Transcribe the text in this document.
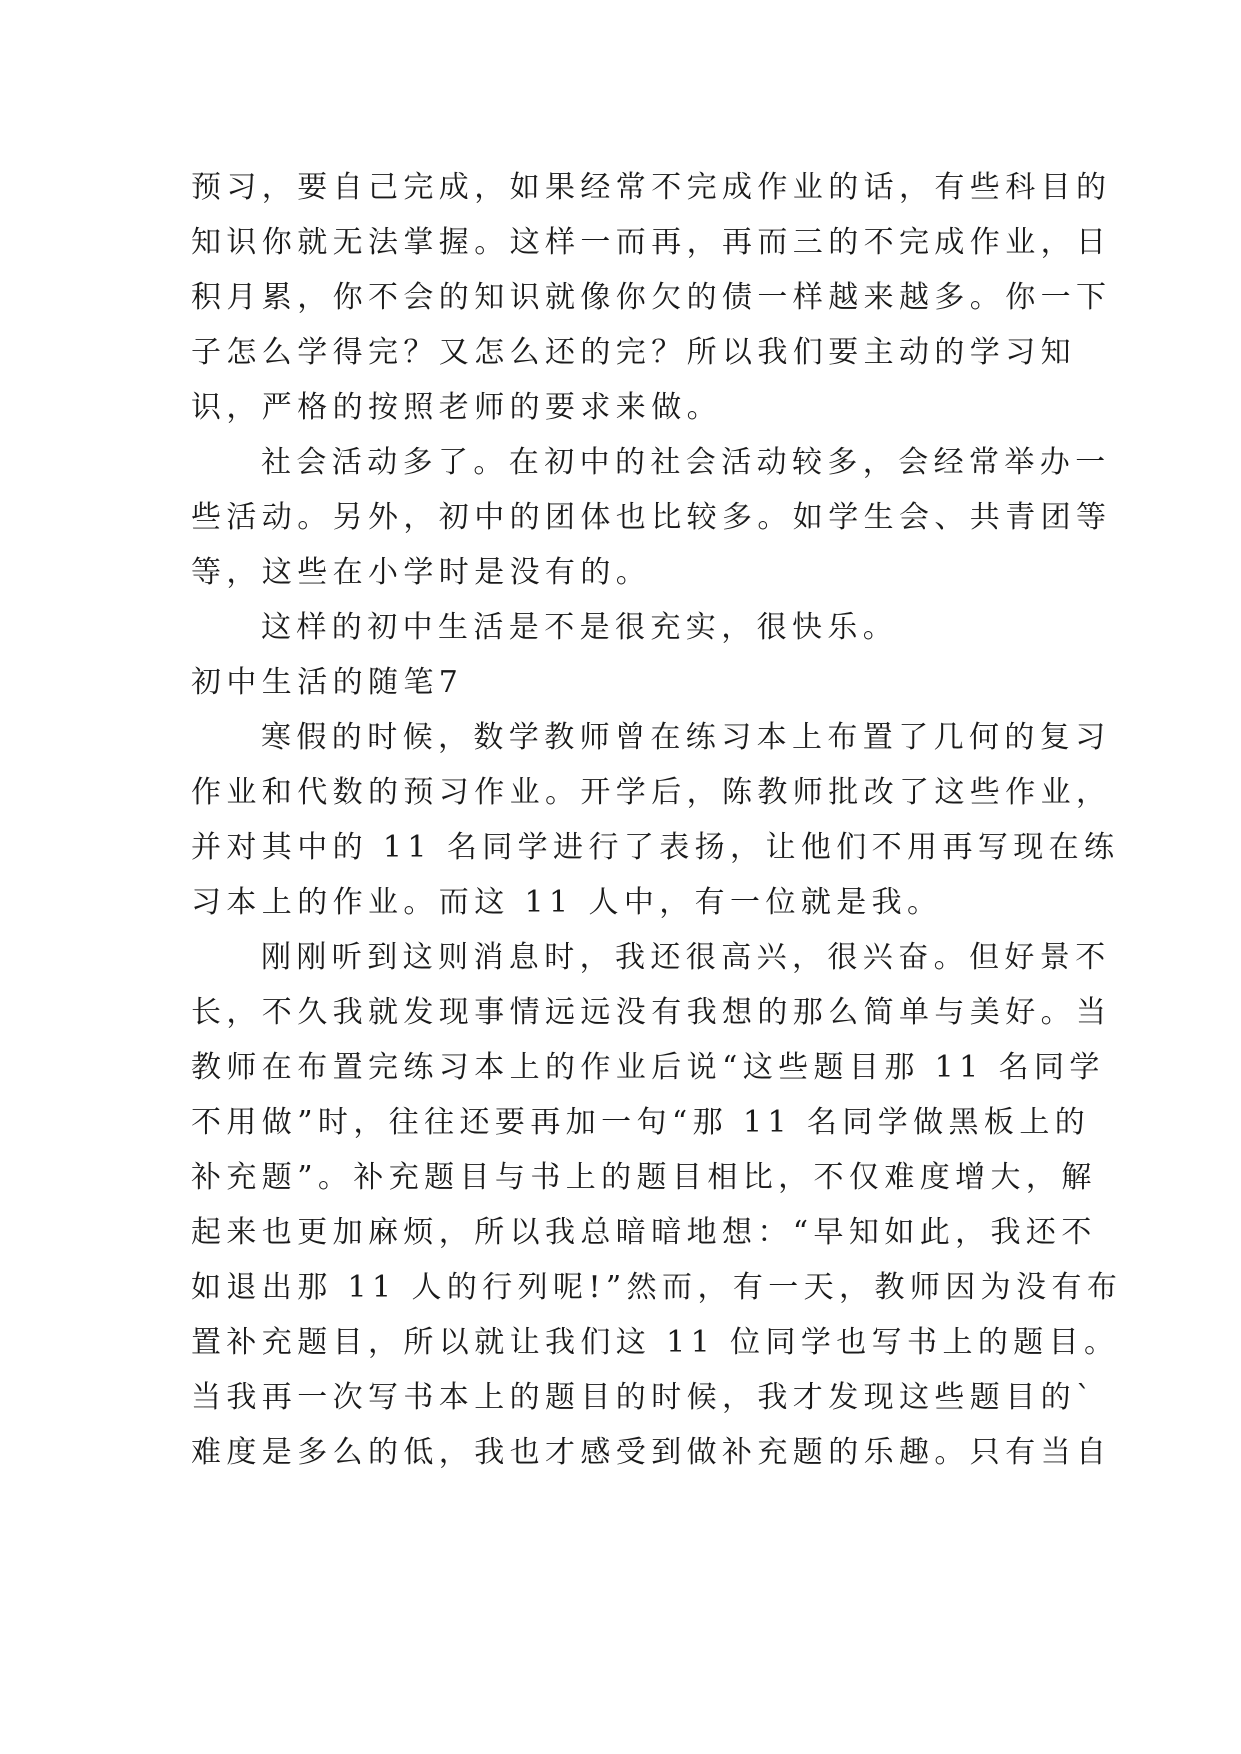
预习，要自己完成，如果经常不完成作业的话，有些科目的
知识你就无法掌握。这样一而再，再而三的不完成作业，日
积月累，你不会的知识就像你欠的债一样越来越多。你一下
子怎么学得完？又怎么还的完？所以我们要主动的学习知
识，严格的按照老师的要求来做。
社会活动多了。在初中的社会活动较多，会经常举办一
些活动。另外，初中的团体也比较多。如学生会、共青团等
等，这些在小学时是没有的。
这样的初中生活是不是很充实，很快乐。
初中生活的随笔7
寒假的时候，数学教师曾在练习本上布置了几何的复习
作业和代数的预习作业。开学后，陈教师批改了这些作业，
并对其中的 11 名同学进行了表扬，让他们不用再写现在练
习本上的作业。而这 11 人中，有一位就是我。
刚刚听到这则消息时，我还很高兴，很兴奋。但好景不
长，不久我就发现事情远远没有我想的那么简单与美好。当
教师在布置完练习本上的作业后说“这些题目那 11 名同学
不用做”时，往往还要再加一句“那 11 名同学做黑板上的
补充题”。补充题目与书上的题目相比，不仅难度增大，解
起来也更加麻烦，所以我总暗暗地想：“早知如此，我还不
如退出那 11 人的行列呢!”然而，有一天，教师因为没有布
置补充题目，所以就让我们这 11 位同学也写书上的题目。
当我再一次写书本上的题目的时候，我才发现这些题目的`
难度是多么的低，我也才感受到做补充题的乐趣。只有当自
